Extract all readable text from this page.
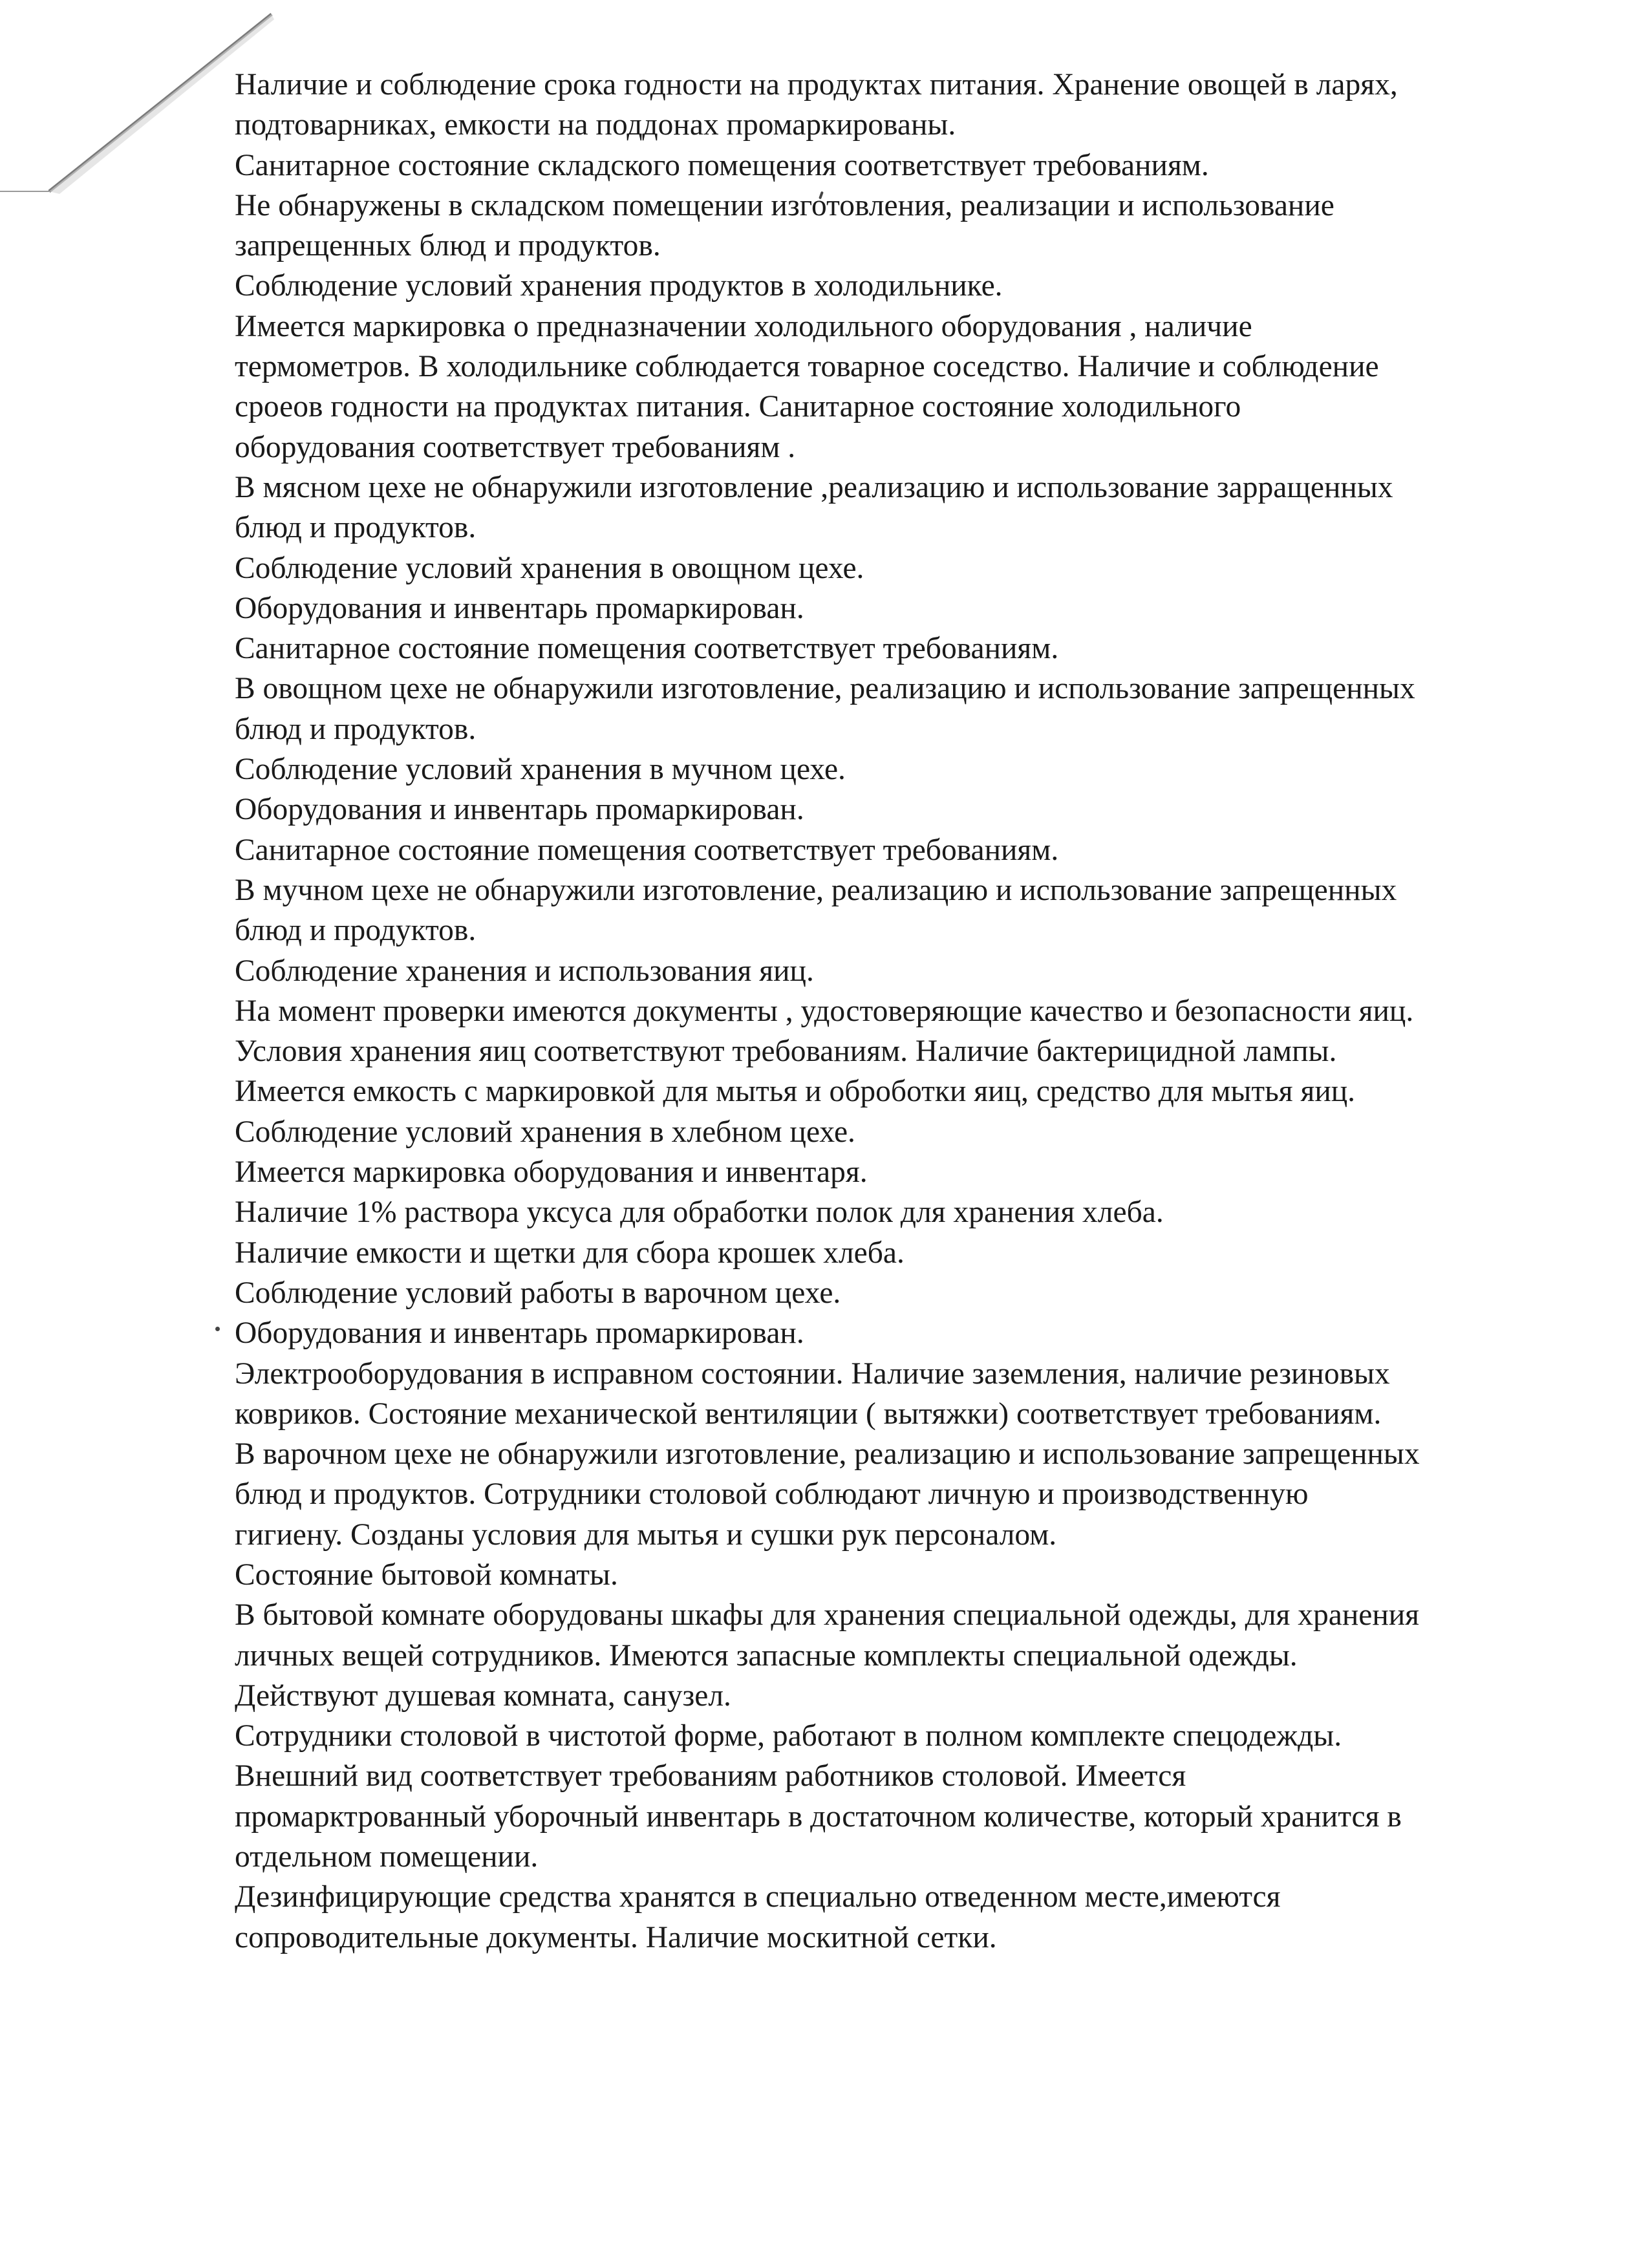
Наличие и соблюдение срока годности на продуктах питания. Хранение овощей в ларях,
подтоварниках, емкости на поддонах промаркированы.
Санитарное состояние складского помещения соответствует требованиям.
Не обнаружены в складском помещении изготовления, реализации и использование
запрещенных блюд и продуктов.
Соблюдение условий хранения продуктов в холодильнике.
Имеется маркировка о предназначении холодильного оборудования , наличие
термометров. В холодильнике соблюдается товарное соседство. Наличие и соблюдение
сроеов годности на продуктах питания. Санитарное состояние холодильного
оборудования соответствует требованиям .
В мясном цехе не обнаружили изготовление ,реализацию и использование зарращенных
блюд и продуктов.
Соблюдение условий хранения в овощном цехе.
Оборудования и инвентарь промаркирован.
Санитарное состояние помещения соответствует требованиям.
В овощном цехе не обнаружили изготовление, реализацию и использование запрещенных
блюд и продуктов.
Соблюдение условий хранения в мучном цехе.
Оборудования и инвентарь промаркирован.
Санитарное состояние помещения соответствует требованиям.
В мучном цехе не обнаружили изготовление, реализацию и использование запрещенных
блюд и продуктов.
Соблюдение хранения и использования яиц.
На момент проверки имеются документы , удостоверяющие качество и безопасности яиц.
Условия хранения яиц соответствуют требованиям. Наличие бактерицидной лампы.
Имеется емкость с маркировкой для мытья и оброботки яиц, средство для мытья яиц.
Соблюдение условий хранения в хлебном цехе.
Имеется маркировка оборудования и инвентаря.
Наличие 1% раствора уксуса для обработки полок для хранения хлеба.
Наличие емкости и щетки для сбора крошек хлеба.
Соблюдение условий работы в варочном цехе.
Оборудования и инвентарь промаркирован.
Электрооборудования в исправном состоянии. Наличие заземления, наличие резиновых
ковриков. Состояние механической вентиляции ( вытяжки) соответствует требованиям.
В варочном цехе не обнаружили изготовление, реализацию и использование запрещенных
блюд и продуктов. Сотрудники столовой соблюдают личную и производственную
гигиену. Созданы условия для мытья и сушки рук персоналом.
Состояние бытовой комнаты.
В бытовой комнате оборудованы шкафы для хранения специальной одежды, для хранения
личных вещей сотрудников. Имеются запасные комплекты специальной одежды.
Действуют душевая комната, санузел.
Сотрудники столовой в чистотой форме, работают в полном комплекте спецодежды.
Внешний вид соответствует требованиям работников столовой. Имеется
промарктрованный уборочный инвентарь в достаточном количестве, который хранится в
отдельном помещении.
Дезинфицирующие средства хранятся в специально отведенном месте,имеются
сопроводительные документы. Наличие москитной сетки.
